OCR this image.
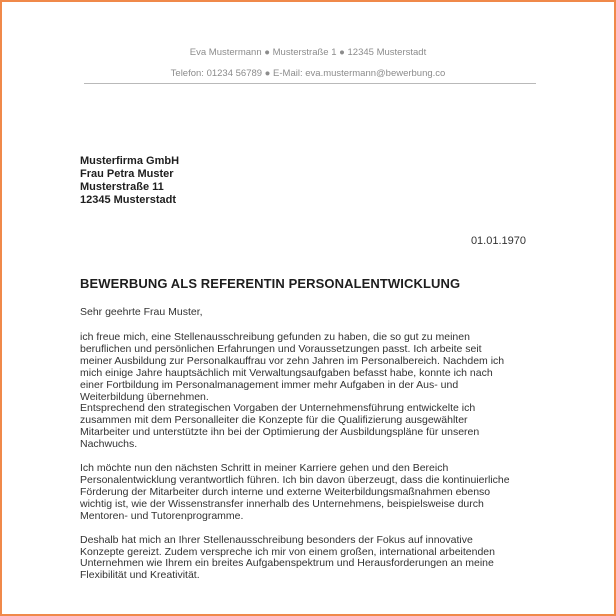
Eva Mustermann ● Musterstraße 1 ● 12345 Musterstadt
Telefon: 01234 56789 ● E-Mail: eva.mustermann@bewerbung.co
Musterfirma GmbH
Frau Petra Muster
Musterstraße 11
12345 Musterstadt
01.01.1970
BEWERBUNG ALS REFERENTIN PERSONALENTWICKLUNG
Sehr geehrte Frau Muster,
ich freue mich, eine Stellenausschreibung gefunden zu haben, die so gut zu meinen
beruflichen und persönlichen Erfahrungen und Voraussetzungen passt. Ich arbeite seit
meiner Ausbildung zur Personalkauffrau vor zehn Jahren im Personalbereich. Nachdem ich
mich einige Jahre hauptsächlich mit Verwaltungsaufgaben befasst habe, konnte ich nach
einer Fortbildung im Personalmanagement immer mehr Aufgaben in der Aus- und
Weiterbildung übernehmen.
Entsprechend den strategischen Vorgaben der Unternehmensführung entwickelte ich
zusammen mit dem Personalleiter die Konzepte für die Qualifizierung ausgewählter
Mitarbeiter und unterstützte ihn bei der Optimierung der Ausbildungspläne für unseren
Nachwuchs.
Ich möchte nun den nächsten Schritt in meiner Karriere gehen und den Bereich
Personalentwicklung verantwortlich führen. Ich bin davon überzeugt, dass die kontinuierliche
Förderung der Mitarbeiter durch interne und externe Weiterbildungsmaßnahmen ebenso
wichtig ist, wie der Wissenstransfer innerhalb des Unternehmens, beispielsweise durch
Mentoren- und Tutorenprogramme.
Deshalb hat mich an Ihrer Stellenausschreibung besonders der Fokus auf innovative
Konzepte gereizt. Zudem verspreche ich mir von einem großen, international arbeitenden
Unternehmen wie Ihrem ein breites Aufgabenspektrum und Herausforderungen an meine
Flexibilität und Kreativität.
